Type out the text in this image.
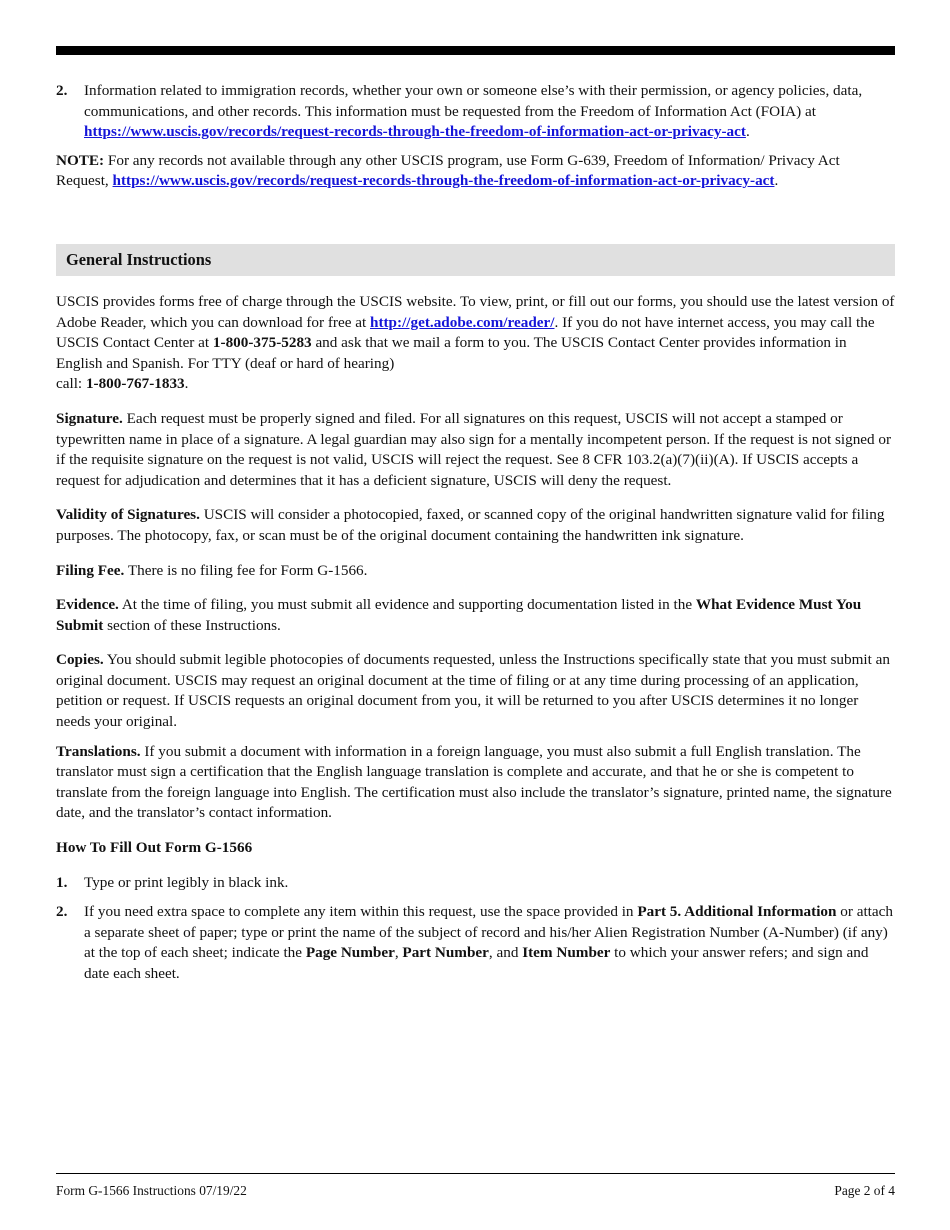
2. Information related to immigration records, whether your own or someone else’s with their permission, or agency policies, data, communications, and other records. This information must be requested from the Freedom of Information Act (FOIA) at https://www.uscis.gov/records/request-records-through-the-freedom-of-information-act-or-privacy-act.

NOTE: For any records not available through any other USCIS program, use Form G-639, Freedom of Information/ Privacy Act Request, https://www.uscis.gov/records/request-records-through-the-freedom-of-information-act-or-privacy-act.

General Instructions

USCIS provides forms free of charge through the USCIS website. To view, print, or fill out our forms, you should use the latest version of Adobe Reader, which you can download for free at http://get.adobe.com/reader/. If you do not have internet access, you may call the USCIS Contact Center at 1-800-375-5283 and ask that we mail a form to you. The USCIS Contact Center provides information in English and Spanish. For TTY (deaf or hard of hearing)
call: 1-800-767-1833.

Signature. Each request must be properly signed and filed. For all signatures on this request, USCIS will not accept a stamped or typewritten name in place of a signature. A legal guardian may also sign for a mentally incompetent person. If the request is not signed or if the requisite signature on the request is not valid, USCIS will reject the request. See 8 CFR 103.2(a)(7)(ii)(A). If USCIS accepts a request for adjudication and determines that it has a deficient signature, USCIS will deny the request.

Validity of Signatures. USCIS will consider a photocopied, faxed, or scanned copy of the original handwritten signature valid for filing purposes. The photocopy, fax, or scan must be of the original document containing the handwritten ink signature.

Filing Fee. There is no filing fee for Form G-1566.

Evidence. At the time of filing, you must submit all evidence and supporting documentation listed in the What Evidence Must You Submit section of these Instructions.

Copies. You should submit legible photocopies of documents requested, unless the Instructions specifically state that you must submit an original document. USCIS may request an original document at the time of filing or at any time during processing of an application, petition or request. If USCIS requests an original document from you, it will be returned to you after USCIS determines it no longer needs your original.

Translations. If you submit a document with information in a foreign language, you must also submit a full English translation. The translator must sign a certification that the English language translation is complete and accurate, and that he or she is competent to translate from the foreign language into English. The certification must also include the translator’s signature, printed name, the signature date, and the translator’s contact information.

How To Fill Out Form G-1566

1. Type or print legibly in black ink.
2. If you need extra space to complete any item within this request, use the space provided in Part 5. Additional Information or attach a separate sheet of paper; type or print the name of the subject of record and his/her Alien Registration Number (A-Number) (if any) at the top of each sheet; indicate the Page Number, Part Number, and Item Number to which your answer refers; and sign and date each sheet.
Form G-1566 Instructions 07/19/22	Page 2 of 4
